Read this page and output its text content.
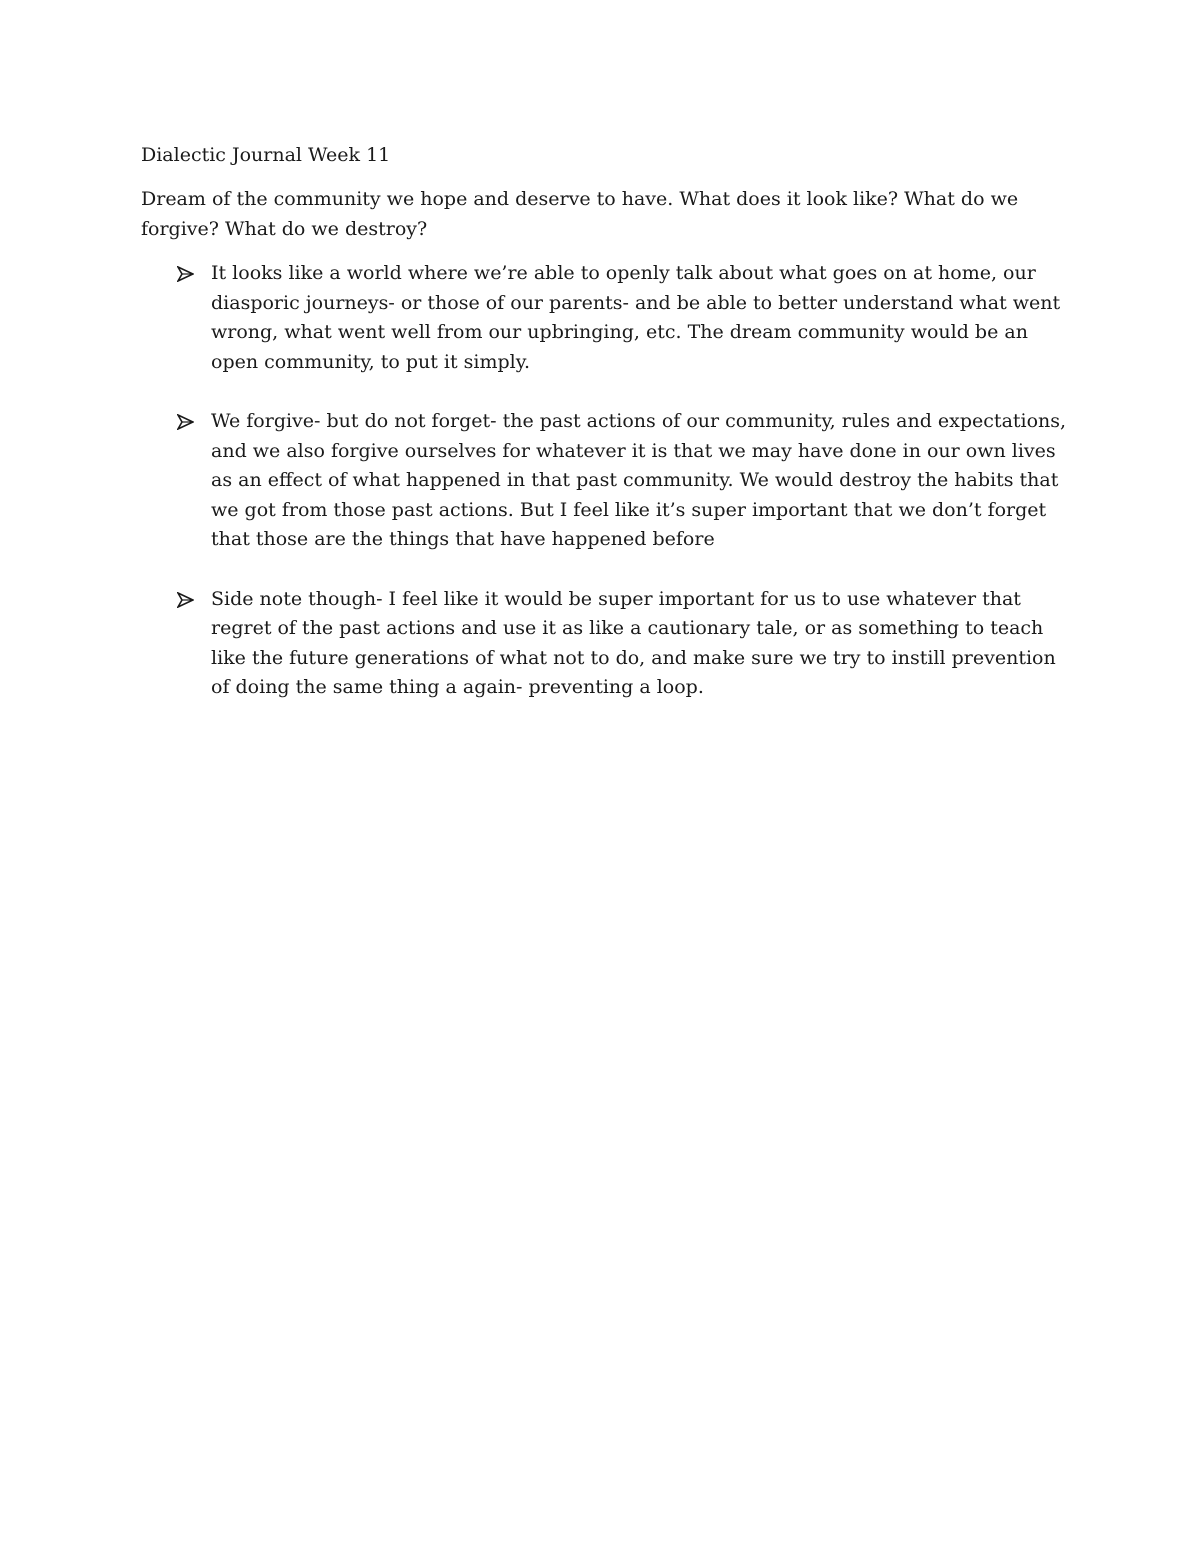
Dialectic Journal Week 11

Dream of the community we hope and deserve to have. What does it look like? What do we forgive? What do we destroy?

It looks like a world where we’re able to openly talk about what goes on at home, our diasporic journeys- or those of our parents- and be able to better understand what went wrong, what went well from our upbringing, etc. The dream community would be an open community, to put it simply.
We forgive- but do not forget- the past actions of our community, rules and expectations, and we also forgive ourselves for whatever it is that we may have done in our own lives as an effect of what happened in that past community. We would destroy the habits that we got from those past actions. But I feel like it’s super important that we don’t forget that those are the things that have happened before
Side note though- I feel like it would be super important for us to use whatever that regret of the past actions and use it as like a cautionary tale, or as something to teach like the future generations of what not to do, and make sure we try to instill prevention of doing the same thing a again- preventing a loop.
